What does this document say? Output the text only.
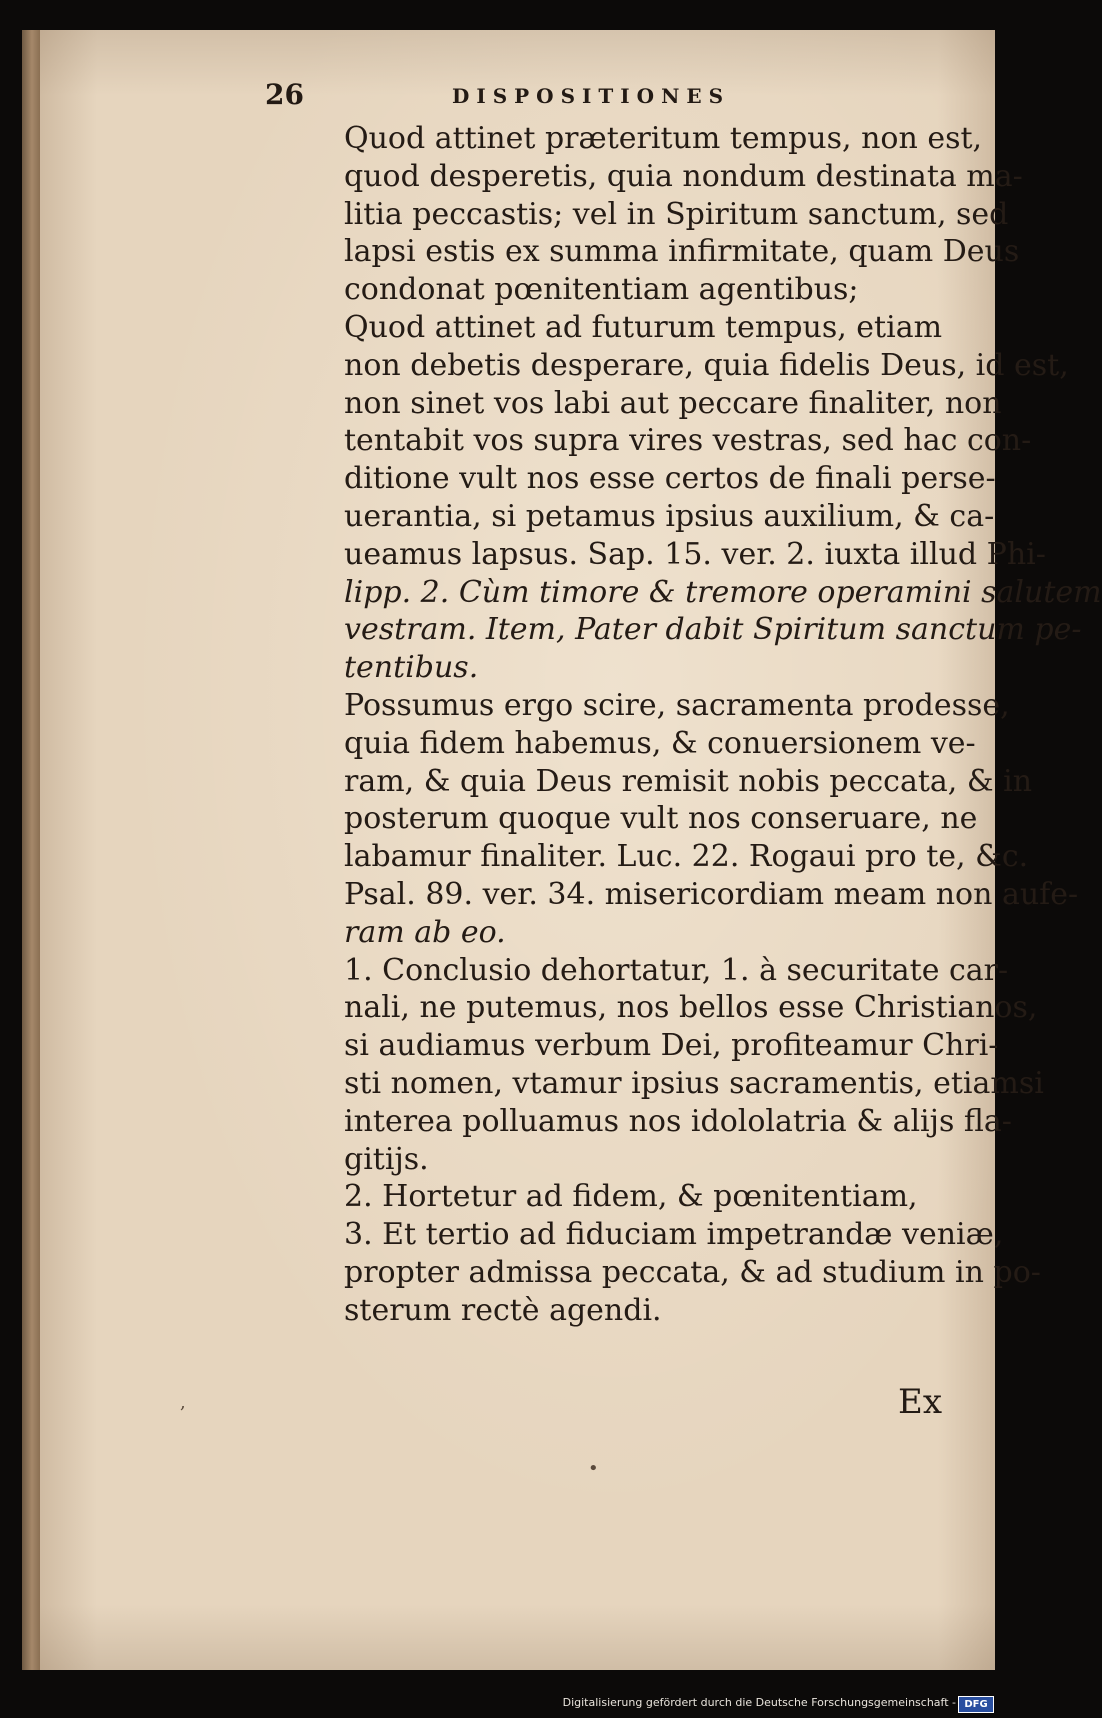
26	DISPOSITIONES

Quod attinet præteritum tempus, non est,
quod desperetis, quia nondum destinata ma-
litia peccastis; vel in Spiritum sanctum, sed
lapsi estis ex summa infirmitate, quam Deus
condonat pœnitentiam agentibus;

Quod attinet ad futurum tempus, etiam
non debetis desperare, quia fidelis Deus, id est,
non sinet vos labi aut peccare finaliter, non
tentabit vos supra vires vestras, sed hac con-
ditione vult nos esse certos de finali perse-
uerantia, si petamus ipsius auxilium, & ca-
ueamus lapsus. Sap. 15. ver. 2. iuxta illud Phi-
lipp. 2. Cùm timore & tremore operamini salutem
vestram. Item, Pater dabit Spiritum sanctum pe-
tentibus.

Possumus ergo scire, sacramenta prodesse,
quia fidem habemus, & conuersionem ve-
ram, & quia Deus remisit nobis peccata, & in
posterum quoque vult nos conseruare, ne
labamur finaliter. Luc. 22. Rogaui pro te, &c.
Psal. 89. ver. 34. misericordiam meam non aufe-
ram ab eo.

1. Conclusio dehortatur, 1. à securitate car-
nali, ne putemus, nos bellos esse Christianos,
si audiamus verbum Dei, profiteamur Chri-
sti nomen, vtamur ipsius sacramentis, etiamsi
interea polluamus nos idololatria & alijs fla-
gitijs.

2. Hortetur ad fidem, & pœnitentiam,

3. Et tertio ad fiduciam impetrandæ veniæ,
propter admissa peccata, & ad studium in po-
sterum rectè agendi.

Ex
,
•
Digitalisierung gefördert durch die Deutsche Forschungsgemeinschaft - DFG
